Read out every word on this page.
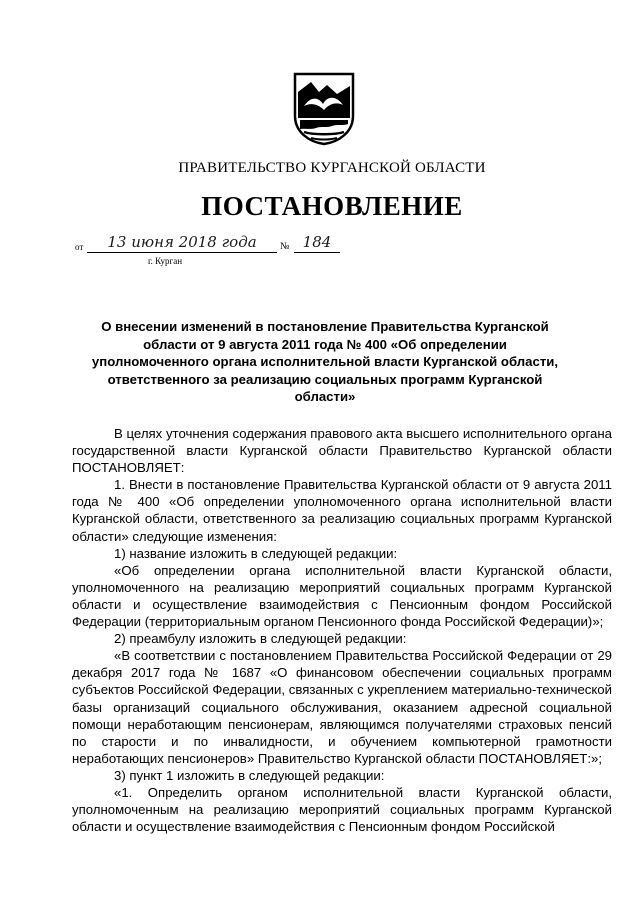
ПРАВИТЕЛЬСТВО КУРГАНСКОЙ ОБЛАСТИ
ПОСТАНОВЛЕНИЕ
от	13 июня 2018 года	№ 184
г. Курган
О внесении изменений в постановление Правительства Курганской области от 9 августа 2011 года № 400 «Об определении уполномоченного органа исполнительной власти Курганской области, ответственного за реализацию социальных программ Курганской области»

В целях уточнения содержания правового акта высшего исполнительного органа государственной власти Курганской области Правительство Курганской области ПОСТАНОВЛЯЕТ:

1. Внести в постановление Правительства Курганской области от 9 августа 2011 года № 400 «Об определении уполномоченного органа исполнительной власти Курганской области, ответственного за реализацию социальных программ Курганской области» следующие изменения:

1) название изложить в следующей редакции:

«Об определении органа исполнительной власти Курганской области, уполномоченного на реализацию мероприятий социальных программ Курганской области и осуществление взаимодействия с Пенсионным фондом Российской Федерации (территориальным органом Пенсионного фонда Российской Федерации)»;

2) преамбулу изложить в следующей редакции:

«В соответствии с постановлением Правительства Российской Федерации от 29 декабря 2017 года № 1687 «О финансовом обеспечении социальных программ субъектов Российской Федерации, связанных с укреплением материально-технической базы организаций социального обслуживания, оказанием адресной социальной помощи неработающим пенсионерам, являющимся получателями страховых пенсий по старости и по инвалидности, и обучением компьютерной грамотности неработающих пенсионеров» Правительство Курганской области ПОСТАНОВЛЯЕТ:»;

3) пункт 1 изложить в следующей редакции:

«1. Определить органом исполнительной власти Курганской области, уполномоченным на реализацию мероприятий социальных программ Курганской области и осуществление взаимодействия с Пенсионным фондом Российской
